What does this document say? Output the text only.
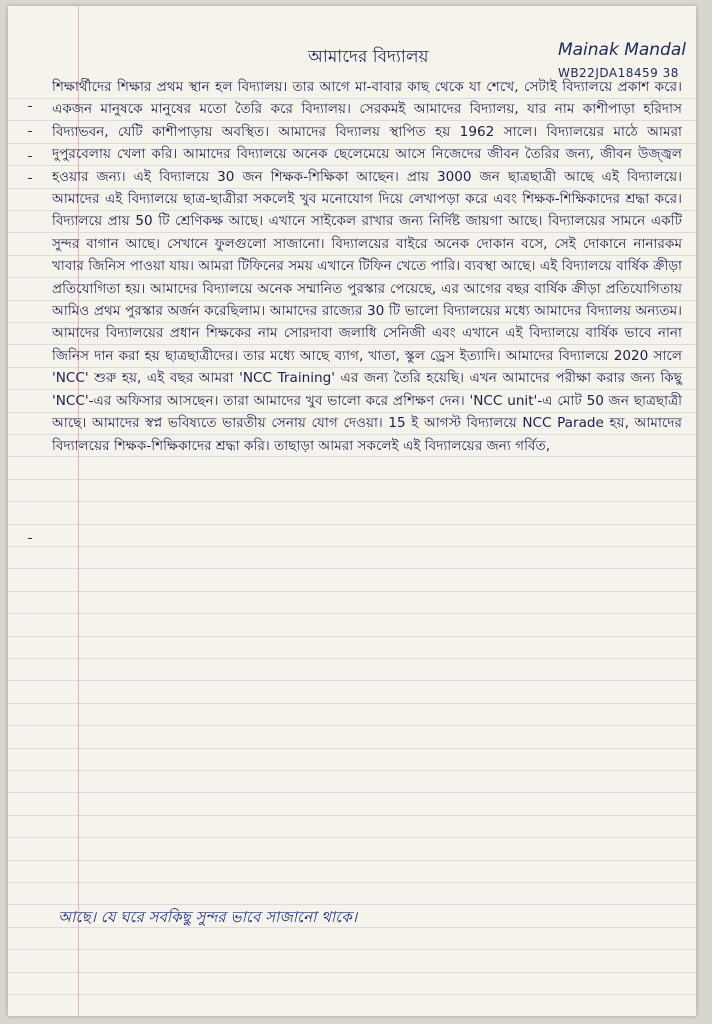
আমাদের বিদ্যালয়	Mainak Mandal
WB22JDA18459 38

শিক্ষার্থীদের শিক্ষার প্রথম স্থান হল বিদ্যালয়। তার আগে মা-বাবার কাছ থেকে যা শেখে, সেটাই বিদ্যালয়ে প্রকাশ করে। একজন মানুষকে মানুষের মতো তৈরি করে বিদ্যালয়। সেরকমই আমাদের বিদ্যালয়, যার নাম কাশীপাড়া হরিদাস বিদ্যাভবন, যেটি কাশীপাড়ায় অবস্থিত। আমাদের বিদ্যালয় স্থাপিত হয় 1962 সালে। বিদ্যালয়ের মাঠে আমরা দুপুরবেলায় খেলা করি। আমাদের বিদ্যালয়ে অনেক ছেলেমেয়ে আসে নিজেদের জীবন তৈরির জন্য, জীবন উজ্জ্বল হওয়ার জন্য। এই বিদ্যালয়ে 30 জন শিক্ষক-শিক্ষিকা আছেন। প্রায় 3000 জন ছাত্রছাত্রী আছে এই বিদ্যালয়ে। আমাদের এই বিদ্যালয়ে ছাত্র-ছাত্রীরা সকলেই খুব মনোযোগ দিয়ে লেখাপড়া করে এবং শিক্ষক-শিক্ষিকাদের শ্রদ্ধা করে। বিদ্যালয়ে প্রায় 50 টি শ্রেণিকক্ষ আছে। এখানে সাইকেল রাখার জন্য নির্দিষ্ট জায়গা আছে। বিদ্যালয়ের সামনে একটি সুন্দর বাগান আছে। সেখানে ফুলগুলো সাজানো। বিদ্যালয়ের বাইরে অনেক দোকান বসে, সেই দোকানে নানারকম খাবার জিনিস পাওয়া যায়। আমরা টিফিনের সময় এখানে টিফিন খেতে পারি। ব্যবস্থা আছে। এই বিদ্যালয়ে বার্ষিক ক্রীড়া প্রতিযোগিতা হয়। আমাদের বিদ্যালয়ে অনেক সম্মানিত পুরস্কার পেয়েছে, এর আগের বছর বার্ষিক ক্রীড়া প্রতিযোগিতায় আমিও প্রথম পুরস্কার অর্জন করেছিলাম। আমাদের রাজ্যের 30 টি ভালো বিদ্যালয়ের মধ্যে আমাদের বিদ্যালয় অন্যতম। আমাদের বিদ্যালয়ের প্রধান শিক্ষকের নাম সোরদাবা জলাধি সেনিজী এবং এখানে এই বিদ্যালয়ে বার্ষিক ভাবে নানা জিনিস দান করা হয় ছাত্রছাত্রীদের। তার মধ্যে আছে ব্যাগ, খাতা, স্কুল ড্রেস ইত্যাদি। আমাদের বিদ্যালয়ে 2020 সালে 'NCC' শুরু হয়, এই বছর আমরা 'NCC Training' এর জন্য তৈরি হয়েছি। এখন আমাদের পরীক্ষা করার জন্য কিছু 'NCC'-এর অফিসার আসছেন। তারা আমাদের খুব ভালো করে প্রশিক্ষণ দেন। 'NCC unit'-এ মোট 50 জন ছাত্রছাত্রী আছে। আমাদের স্বপ্ন ভবিষ্যতে ভারতীয় সেনায় যোগ দেওয়া। 15 ই আগস্ট বিদ্যালয়ে NCC Parade হয়, আমাদের বিদ্যালয়ের শিক্ষক-শিক্ষিকাদের শ্রদ্ধা করি। তাছাড়া আমরা সকলেই এই বিদ্যালয়ের জন্য গর্বিত,

আছে। যে ঘরে সবকিছু সুন্দর ভাবে সাজানো থাকে।
